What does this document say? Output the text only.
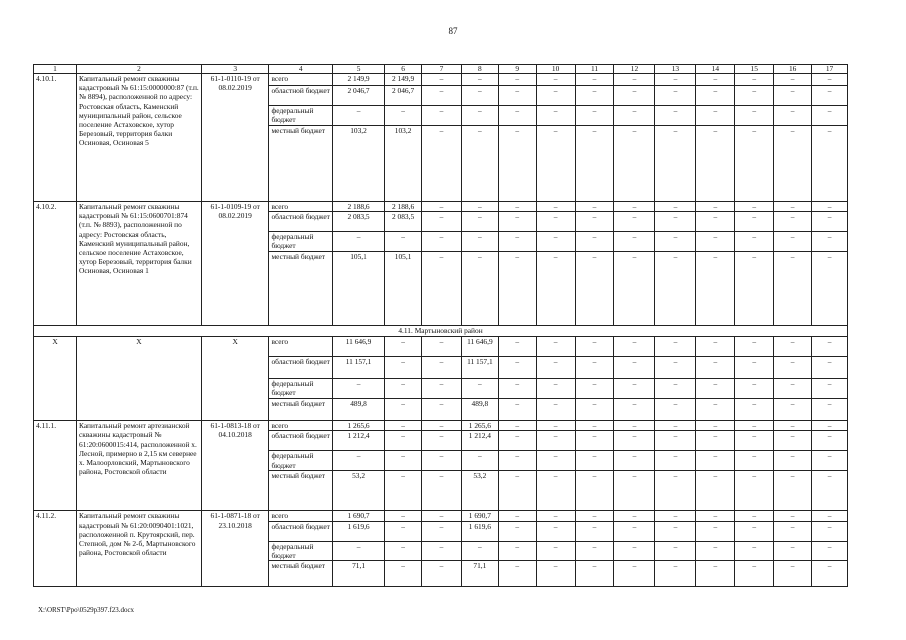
87
1	2	3	4	5	6	7	8	9	10	11	12	13	14	15	16	17
4.10.1.	Капитальный ремонт скважины кадастровый № 61:15:0000000:87 (т.п. № 8894), расположенной по адресу: Ростовская область, Каменский муниципальный район, сельское поселение Астаховское, хутор Березовый, территория балки Осиновая, Осиновая 5	61-1-0110-19 от 08.02.2019	всего	2 149,9	2 149,9	–	–	–	–	–	–	–	–	–	–	–
			областной бюджет	2 046,7	2 046,7	–	–	–	–	–	–	–	–	–	–	–
			федеральный бюджет	–	–	–	–	–	–	–	–	–	–	–	–	–
			местный бюджет	103,2	103,2	–	–	–	–	–	–	–	–	–	–	–
4.10.2.	Капитальный ремонт скважины кадастровый № 61:15:0600701:874 (т.п. № 8893), расположенной по адресу: Ростовская область, Каменский муниципальный район, сельское поселение Астаховское, хутор Березовый, территория балки Осиновая, Осиновая 1	61-1-0109-19 от 08.02.2019	всего	2 188,6	2 188,6	–	–	–	–	–	–	–	–	–	–	–
			областной бюджет	2 083,5	2 083,5	–	–	–	–	–	–	–	–	–	–	–
			федеральный бюджет	–	–	–	–	–	–	–	–	–	–	–	–	–
			местный бюджет	105,1	105,1	–	–	–	–	–	–	–	–	–	–	–
4.11. Мартыновский район																
Х	Х	Х	всего	11 646,9	–	–	11 646,9	–	–	–	–	–	–	–	–	–
			областной бюджет	11 157,1	–	–	11 157,1	–	–	–	–	–	–	–	–	–
			федеральный бюджет	–	–	–	–	–	–	–	–	–	–	–	–	–
			местный бюджет	489,8	–	–	489,8	–	–	–	–	–	–	–	–	–
4.11.1.	Капитальный ремонт артезианской скважины кадастровый № 61:20:0600015:414, расположенной х. Лесной, примерно в 2,15 км севернее х. Малоорловский, Мартыновского района, Ростовской области	61-1-0813-18 от 04.10.2018	всего	1 265,6	–	–	1 265,6	–	–	–	–	–	–	–	–	–
			областной бюджет	1 212,4	–	–	1 212,4	–	–	–	–	–	–	–	–	–
			федеральный бюджет	–	–	–	–	–	–	–	–	–	–	–	–	–
			местный бюджет	53,2	–	–	53,2	–	–	–	–	–	–	–	–	–
4.11.2.	Капитальный ремонт скважины кадастровый № 61:20:0090401:1021, расположенной п. Крутоярский, пер. Степной, дом № 2-б, Мартыновского района, Ростовской области	61-1-0871-18 от 23.10.2018	всего	1 690,7	–	–	1 690,7	–	–	–	–	–	–	–	–	–
			областной бюджет	1 619,6	–	–	1 619,6	–	–	–	–	–	–	–	–	–
			федеральный бюджет	–	–	–	–	–	–	–	–	–	–	–	–	–
			местный бюджет	71,1	–	–	71,1	–	–	–	–	–	–	–	–	–
X:\ORST\Ppo\0529p397.f23.docx
